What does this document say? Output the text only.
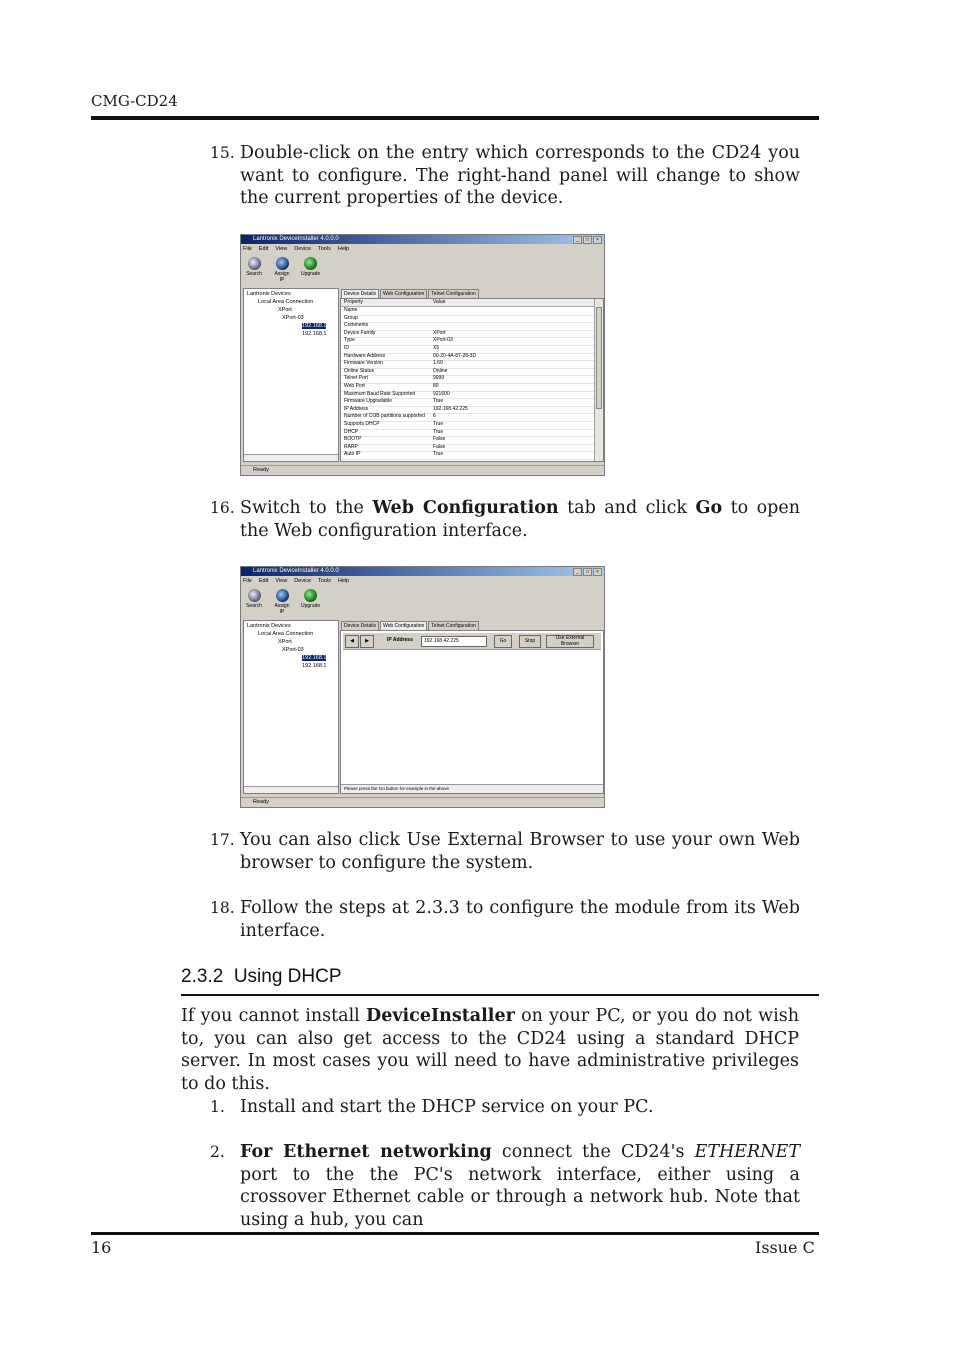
CMG-CD24
15. Double-click on the entry which corresponds to the CD24 you want to configure. The right-hand panel will change to show the current properties of the device.
Lantronix DeviceInstaller 4.0.0.0	_	□	×
File Edit View Device Tools Help
Search	Assign IP
Upgrade
Lantronix Devices
Local Area Connection
XPort
XPort-03
192.168.1
192.168.1
Device Details	Web Configuration	Telnet Configuration
Property	Value
Name
Group
Comments
Device Family	XPort
Type	XPort-03
ID	X5
Hardware Address	00-20-4A-87-28-3D
Firmware Version	1.60
Online Status	Online
Telnet Port	9999
Web Port	80
Maximum Baud Rate Supported	921600
Firmware Upgradable	True
IP Address	192.168.42.225
Number of COB partitions supported	6
Supports DHCP	True
DHCP	True
BOOTP	False
RARP	False
Auto IP	True
Ready
16. Switch to the Web Configuration tab and click Go to open the Web configuration interface.
Lantronix DeviceInstaller 4.0.0.0	_	□	×
File Edit View Device Tools Help
Search	Assign IP
Upgrade
Lantronix Devices
Local Area Connection
XPort
XPort-03
192.168.1
192.168.1
Device Details	Web Configuration	Telnet Configuration
◀	▶	IP Address	192.168.42.225	Go	Stop	Use External Browser
Please press the Go button for example in the above
Ready
17. You can also click Use External Browser to use your own Web browser to configure the system.
18. Follow the steps at 2.3.3 to configure the module from its Web interface.
2.3.2 Using DHCP
If you cannot install DeviceInstaller on your PC, or you do not wish to, you can also get access to the CD24 using a standard DHCP server. In most cases you will need to have administrative privileges to do this.
1. Install and start the DHCP service on your PC.
2. For Ethernet networking connect the CD24's ETHERNET port to the the PC's network interface, either using a crossover Ethernet cable or through a network hub. Note that using a hub, you can
16	Issue C
